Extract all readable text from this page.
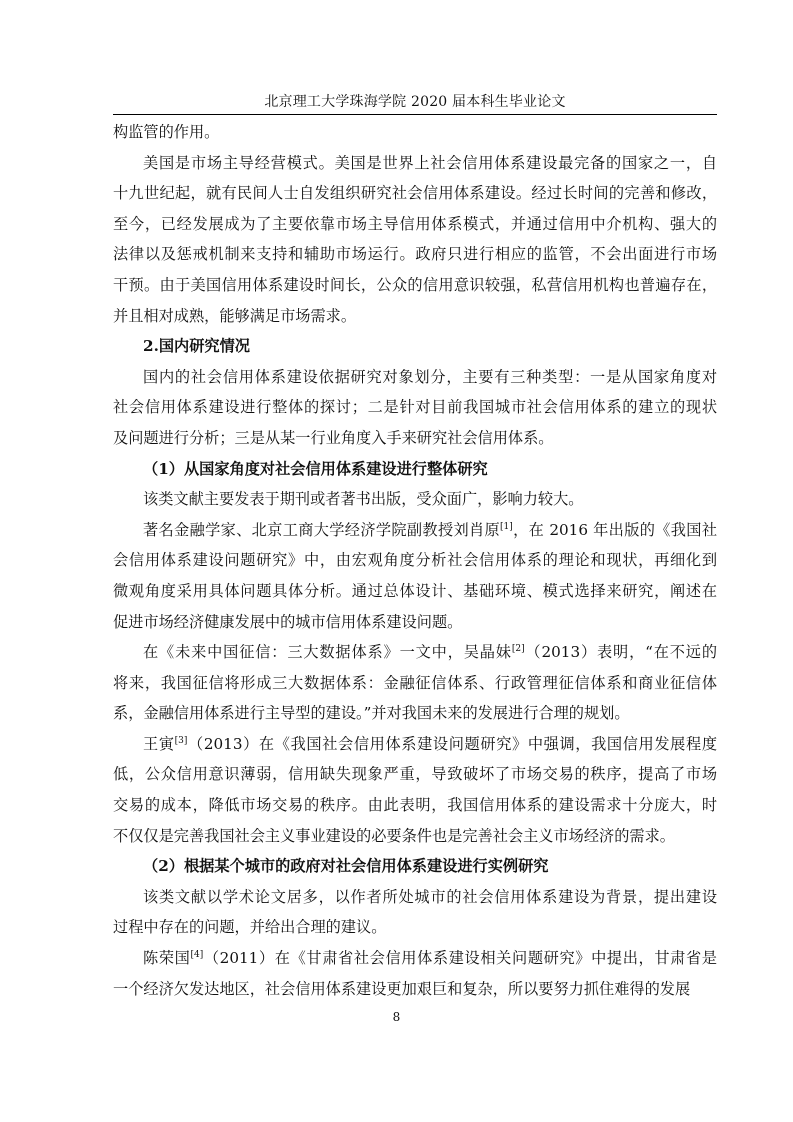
北京理工大学珠海学院 2020 届本科生毕业论文
构监管的作用。
美国是市场主导经营模式。美国是世界上社会信用体系建设最完备的国家之一，自
十九世纪起，就有民间人士自发组织研究社会信用体系建设。经过长时间的完善和修改，
至今，已经发展成为了主要依靠市场主导信用体系模式，并通过信用中介机构、强大的
法律以及惩戒机制来支持和辅助市场运行。政府只进行相应的监管，不会出面进行市场
干预。由于美国信用体系建设时间长，公众的信用意识较强，私营信用机构也普遍存在，
并且相对成熟，能够满足市场需求。
2.国内研究情况
国内的社会信用体系建设依据研究对象划分，主要有三种类型：一是从国家角度对
社会信用体系建设进行整体的探讨；二是针对目前我国城市社会信用体系的建立的现状
及问题进行分析；三是从某一行业角度入手来研究社会信用体系。
（1）从国家角度对社会信用体系建设进行整体研究
该类文献主要发表于期刊或者著书出版，受众面广，影响力较大。
著名金融学家、北京工商大学经济学院副教授刘肖原[1]，在 2016 年出版的《我国社
会信用体系建设问题研究》中，由宏观角度分析社会信用体系的理论和现状，再细化到
微观角度采用具体问题具体分析。通过总体设计、基础环境、模式选择来研究，阐述在
促进市场经济健康发展中的城市信用体系建设问题。
在《未来中国征信：三大数据体系》一文中，吴晶妹[2]（2013）表明，“在不远的
将来，我国征信将形成三大数据体系：金融征信体系、行政管理征信体系和商业征信体
系，金融信用体系进行主导型的建设。”并对我国未来的发展进行合理的规划。
王寅[3]（2013）在《我国社会信用体系建设问题研究》中强调，我国信用发展程度
低，公众信用意识薄弱，信用缺失现象严重，导致破坏了市场交易的秩序，提高了市场
交易的成本，降低市场交易的秩序。由此表明，我国信用体系的建设需求十分庞大，时
不仅仅是完善我国社会主义事业建设的必要条件也是完善社会主义市场经济的需求。
（2）根据某个城市的政府对社会信用体系建设进行实例研究
该类文献以学术论文居多，以作者所处城市的社会信用体系建设为背景，提出建设
过程中存在的问题，并给出合理的建议。
陈荣国[4]（2011）在《甘肃省社会信用体系建设相关问题研究》中提出，甘肃省是
一个经济欠发达地区，社会信用体系建设更加艰巨和复杂，所以要努力抓住难得的发展
8
